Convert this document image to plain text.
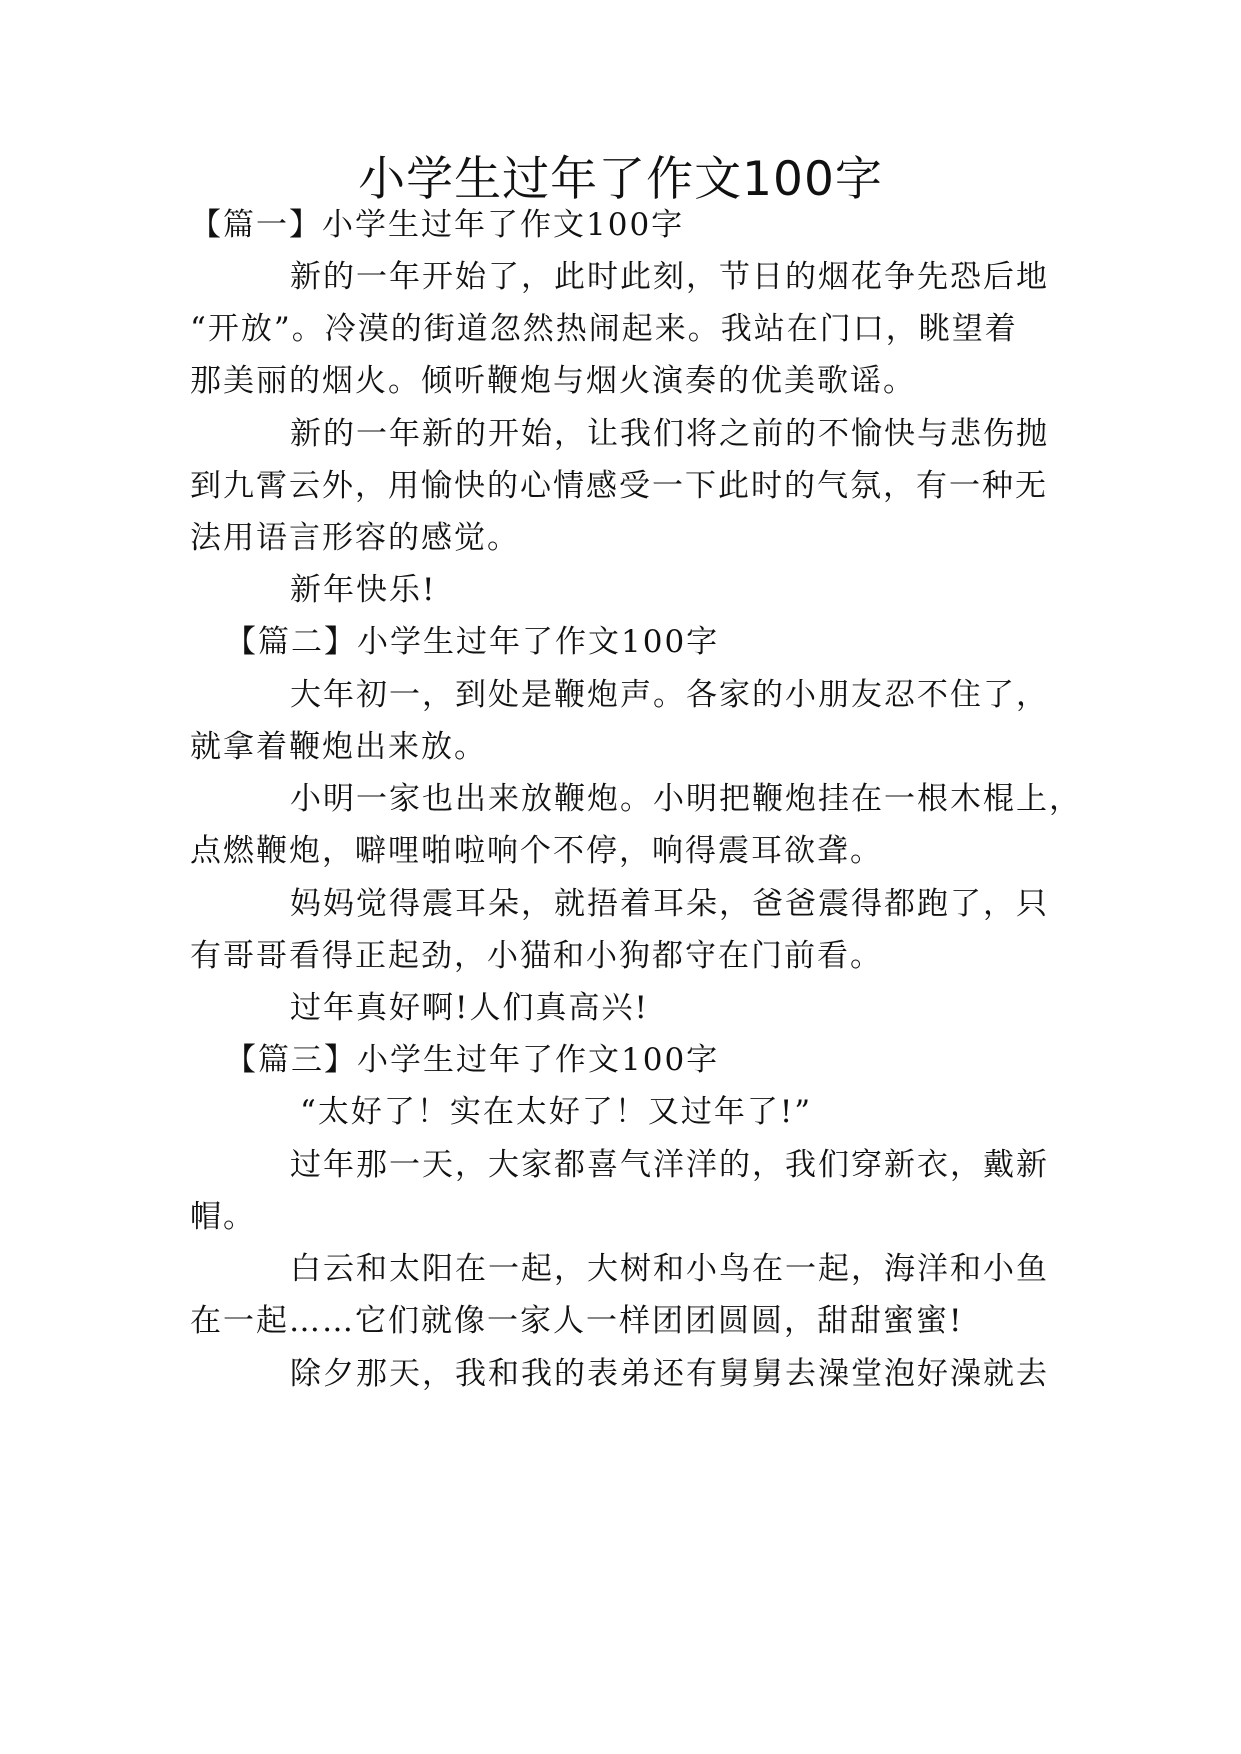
小学生过年了作文100字
【篇一】小学生过年了作文100字
新的一年开始了，此时此刻，节日的烟花争先恐后地
“开放”。冷漠的街道忽然热闹起来。我站在门口，眺望着
那美丽的烟火。倾听鞭炮与烟火演奏的优美歌谣。
新的一年新的开始，让我们将之前的不愉快与悲伤抛
到九霄云外，用愉快的心情感受一下此时的气氛，有一种无
法用语言形容的感觉。
新年快乐!
【篇二】小学生过年了作文100字
大年初一，到处是鞭炮声。各家的小朋友忍不住了，
就拿着鞭炮出来放。
小明一家也出来放鞭炮。小明把鞭炮挂在一根木棍上，
点燃鞭炮，噼哩啪啦响个不停，响得震耳欲聋。
妈妈觉得震耳朵，就捂着耳朵，爸爸震得都跑了，只
有哥哥看得正起劲，小猫和小狗都守在门前看。
过年真好啊!人们真高兴!
【篇三】小学生过年了作文100字
“太好了！实在太好了！又过年了!”
过年那一天，大家都喜气洋洋的，我们穿新衣，戴新
帽。
白云和太阳在一起，大树和小鸟在一起，海洋和小鱼
在一起……它们就像一家人一样团团圆圆，甜甜蜜蜜!
除夕那天，我和我的表弟还有舅舅去澡堂泡好澡就去
